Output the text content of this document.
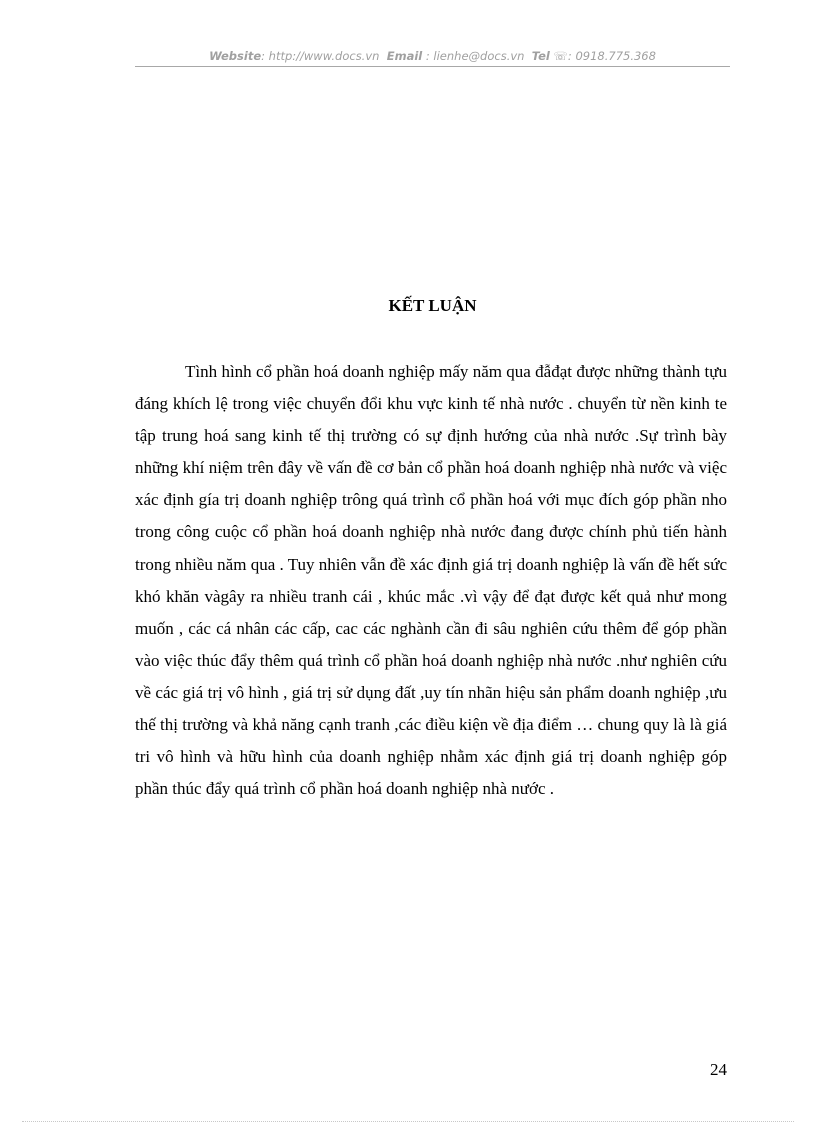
Website: http://www.docs.vn Email : lienhe@docs.vn Tel ☏: 0918.775.368
KẾT LUẬN

Tình hình cổ phần hoá doanh nghiệp mấy năm qua đẫđạt được những thành tựu đáng khích lệ trong việc chuyển đổi khu vực kinh tế nhà nước . chuyển từ nền kinh te tập trung hoá sang kinh tế thị trường có sự định hướng của nhà nước .Sự trình bày những khí niệm trên đây về vấn đề cơ bản cổ phần hoá doanh nghiệp nhà nước và việc xác định gía trị doanh nghiệp trông quá trình cổ phần hoá với mục đích góp phần nho trong công cuộc cổ phần hoá doanh nghiệp nhà nước đang được chính phủ tiến hành trong nhiều năm qua . Tuy nhiên vẫn đề xác định giá trị doanh nghiệp là vấn đề hết sức khó khăn vàgây ra nhiều tranh cái , khúc mắc .vì vậy để đạt được kết quả như mong muốn , các cá nhân các cấp, cac các nghành cần đi sâu nghiên cứu thêm để góp phần vào việc thúc đẩy thêm quá trình cổ phần hoá doanh nghiệp nhà nước .như nghiên cứu về các giá trị vô hình , giá trị sử dụng đất ,uy tín nhãn hiệu sản phẩm doanh nghiệp ,ưu thế thị trường và khả năng cạnh tranh ,các điều kiện về địa điểm … chung quy là là giá tri vô hình và hữu hình của doanh nghiệp nhằm xác định giá trị doanh nghiệp góp phần thúc đẩy quá trình cổ phần hoá doanh nghiệp nhà nước .

24
